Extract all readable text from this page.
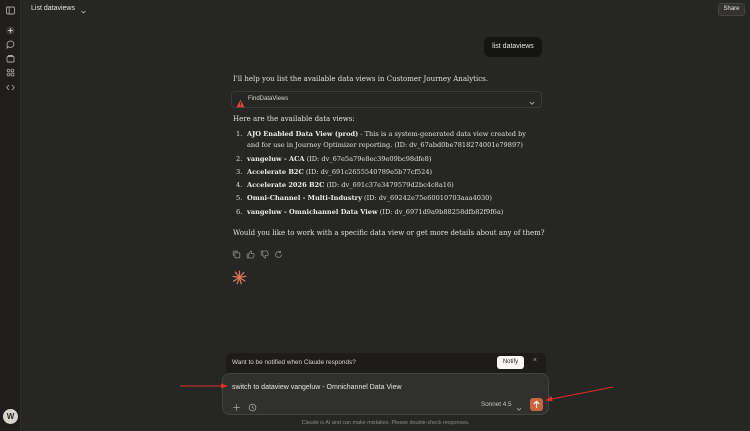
W
List dataviews	Share
list dataviews
I'll help you list the available data views in Customer Journey Analytics.
FindDataViews
Here are the available data views:
1. AJO Enabled Data View (prod) - This is a system-generated data view created by and for use in Journey Optimizer reporting. (ID: dv_67abd0be7818274001e79897)
2. vangeluw - ACA (ID: dv_67e5a79e8ec39e09bc98dfe8)
3. Accelerate B2C (ID: dv_691c2655540789e5b77cf524)
4. Accelerate 2026 B2C (ID: dv_691c37e3479579d2bc4c8a16)
5. Omni-Channel - Multi-Industry (ID: dv_69242e75e60010703aaa4030)
6. vangeluw - Omnichannel Data View (ID: dv_6971d9a9b88258dfb82f9f6a)
Would you like to work with a specific data view or get more details about any of them?
Want to be notified when Claude responds?	Notify	×
switch to dataview vangeluw - Omnichannel Data View
Sonnet 4.5
Claude is AI and can make mistakes. Please double-check responses.
